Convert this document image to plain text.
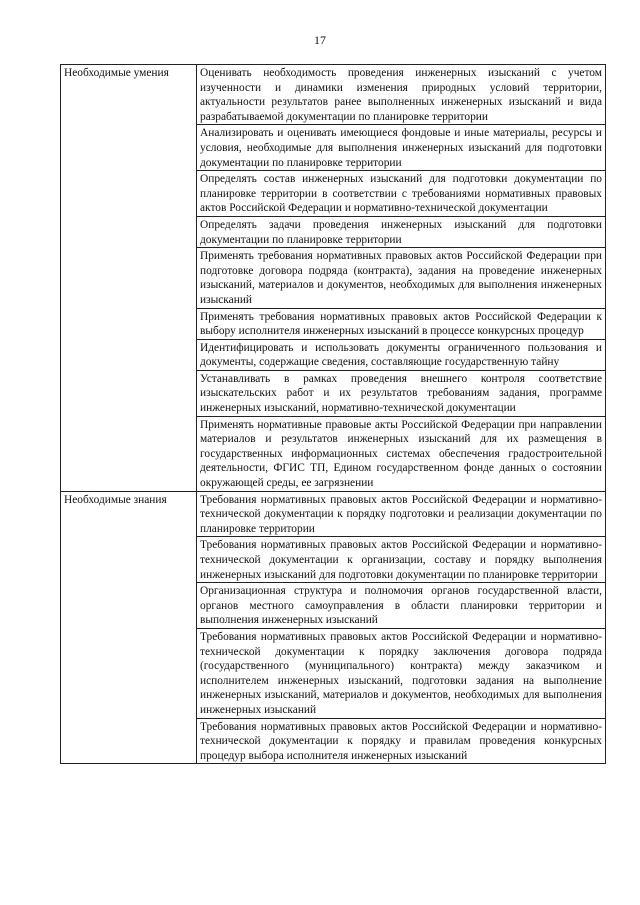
17
Необходимые умения	Оценивать необходимость проведения инженерных изысканий с учетом изученности и динамики изменения природных условий территории, актуальности результатов ранее выполненных инженерных изысканий и вида разрабатываемой документации по планировке территории
	Анализировать и оценивать имеющиеся фондовые и иные материалы, ресурсы и условия, необходимые для выполнения инженерных изысканий для подготовки документации по планировке территории
	Определять состав инженерных изысканий для подготовки документации по планировке территории в соответствии с требованиями нормативных правовых актов Российской Федерации и нормативно-технической документации
	Определять задачи проведения инженерных изысканий для подготовки документации по планировке территории
	Применять требования нормативных правовых актов Российской Федерации при подготовке договора подряда (контракта), задания на проведение инженерных изысканий, материалов и документов, необходимых для выполнения инженерных изысканий
	Применять требования нормативных правовых актов Российской Федерации к выбору исполнителя инженерных изысканий в процессе конкурсных процедур
	Идентифицировать и использовать документы ограниченного пользования и документы, содержащие сведения, составляющие государственную тайну
	Устанавливать в рамках проведения внешнего контроля соответствие изыскательских работ и их результатов требованиям задания, программе инженерных изысканий, нормативно-технической документации
	Применять нормативные правовые акты Российской Федерации при направлении материалов и результатов инженерных изысканий для их размещения в государственных информационных системах обеспечения градостроительной деятельности, ФГИС ТП, Едином государственном фонде данных о состоянии окружающей среды, ее загрязнении
Необходимые знания	Требования нормативных правовых актов Российской Федерации и нормативно-технической документации к порядку подготовки и реализации документации по планировке территории
	Требования нормативных правовых актов Российской Федерации и нормативно-технической документации к организации, составу и порядку выполнения инженерных изысканий для подготовки документации по планировке территории
	Организационная структура и полномочия органов государственной власти, органов местного самоуправления в области планировки территории и выполнения инженерных изысканий
	Требования нормативных правовых актов Российской Федерации и нормативно-технической документации к порядку заключения договора подряда (государственного (муниципального) контракта) между заказчиком и исполнителем инженерных изысканий, подготовки задания на выполнение инженерных изысканий, материалов и документов, необходимых для выполнения инженерных изысканий
	Требования нормативных правовых актов Российской Федерации и нормативно-технической документации к порядку и правилам проведения конкурсных процедур выбора исполнителя инженерных изысканий
